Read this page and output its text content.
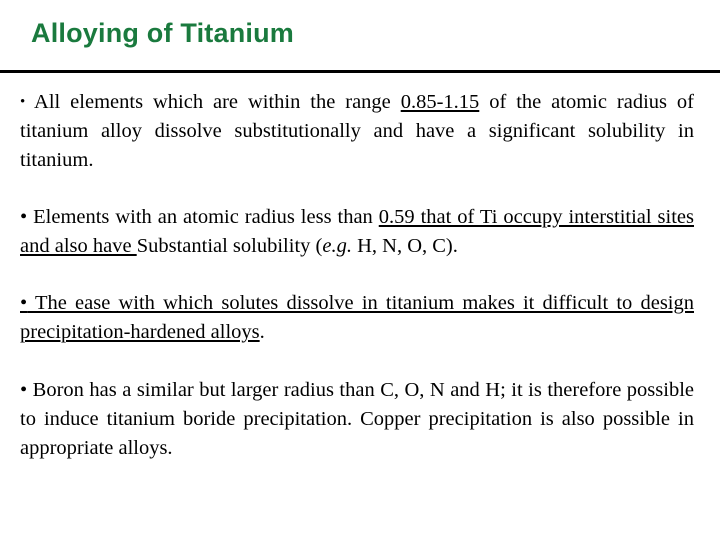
Alloying of Titanium
• All elements which are within the range 0.85-1.15 of the atomic radius of titanium alloy dissolve substitutionally and have a significant solubility in titanium.
• Elements with an atomic radius less than 0.59 that of Ti occupy interstitial sites and also have Substantial solubility (e.g. H, N, O, C).
• The ease with which solutes dissolve in titanium makes it difficult to design precipitation-hardened alloys.
• Boron has a similar but larger radius than C, O, N and H; it is therefore possible to induce titanium boride precipitation. Copper precipitation is also possible in appropriate alloys.
